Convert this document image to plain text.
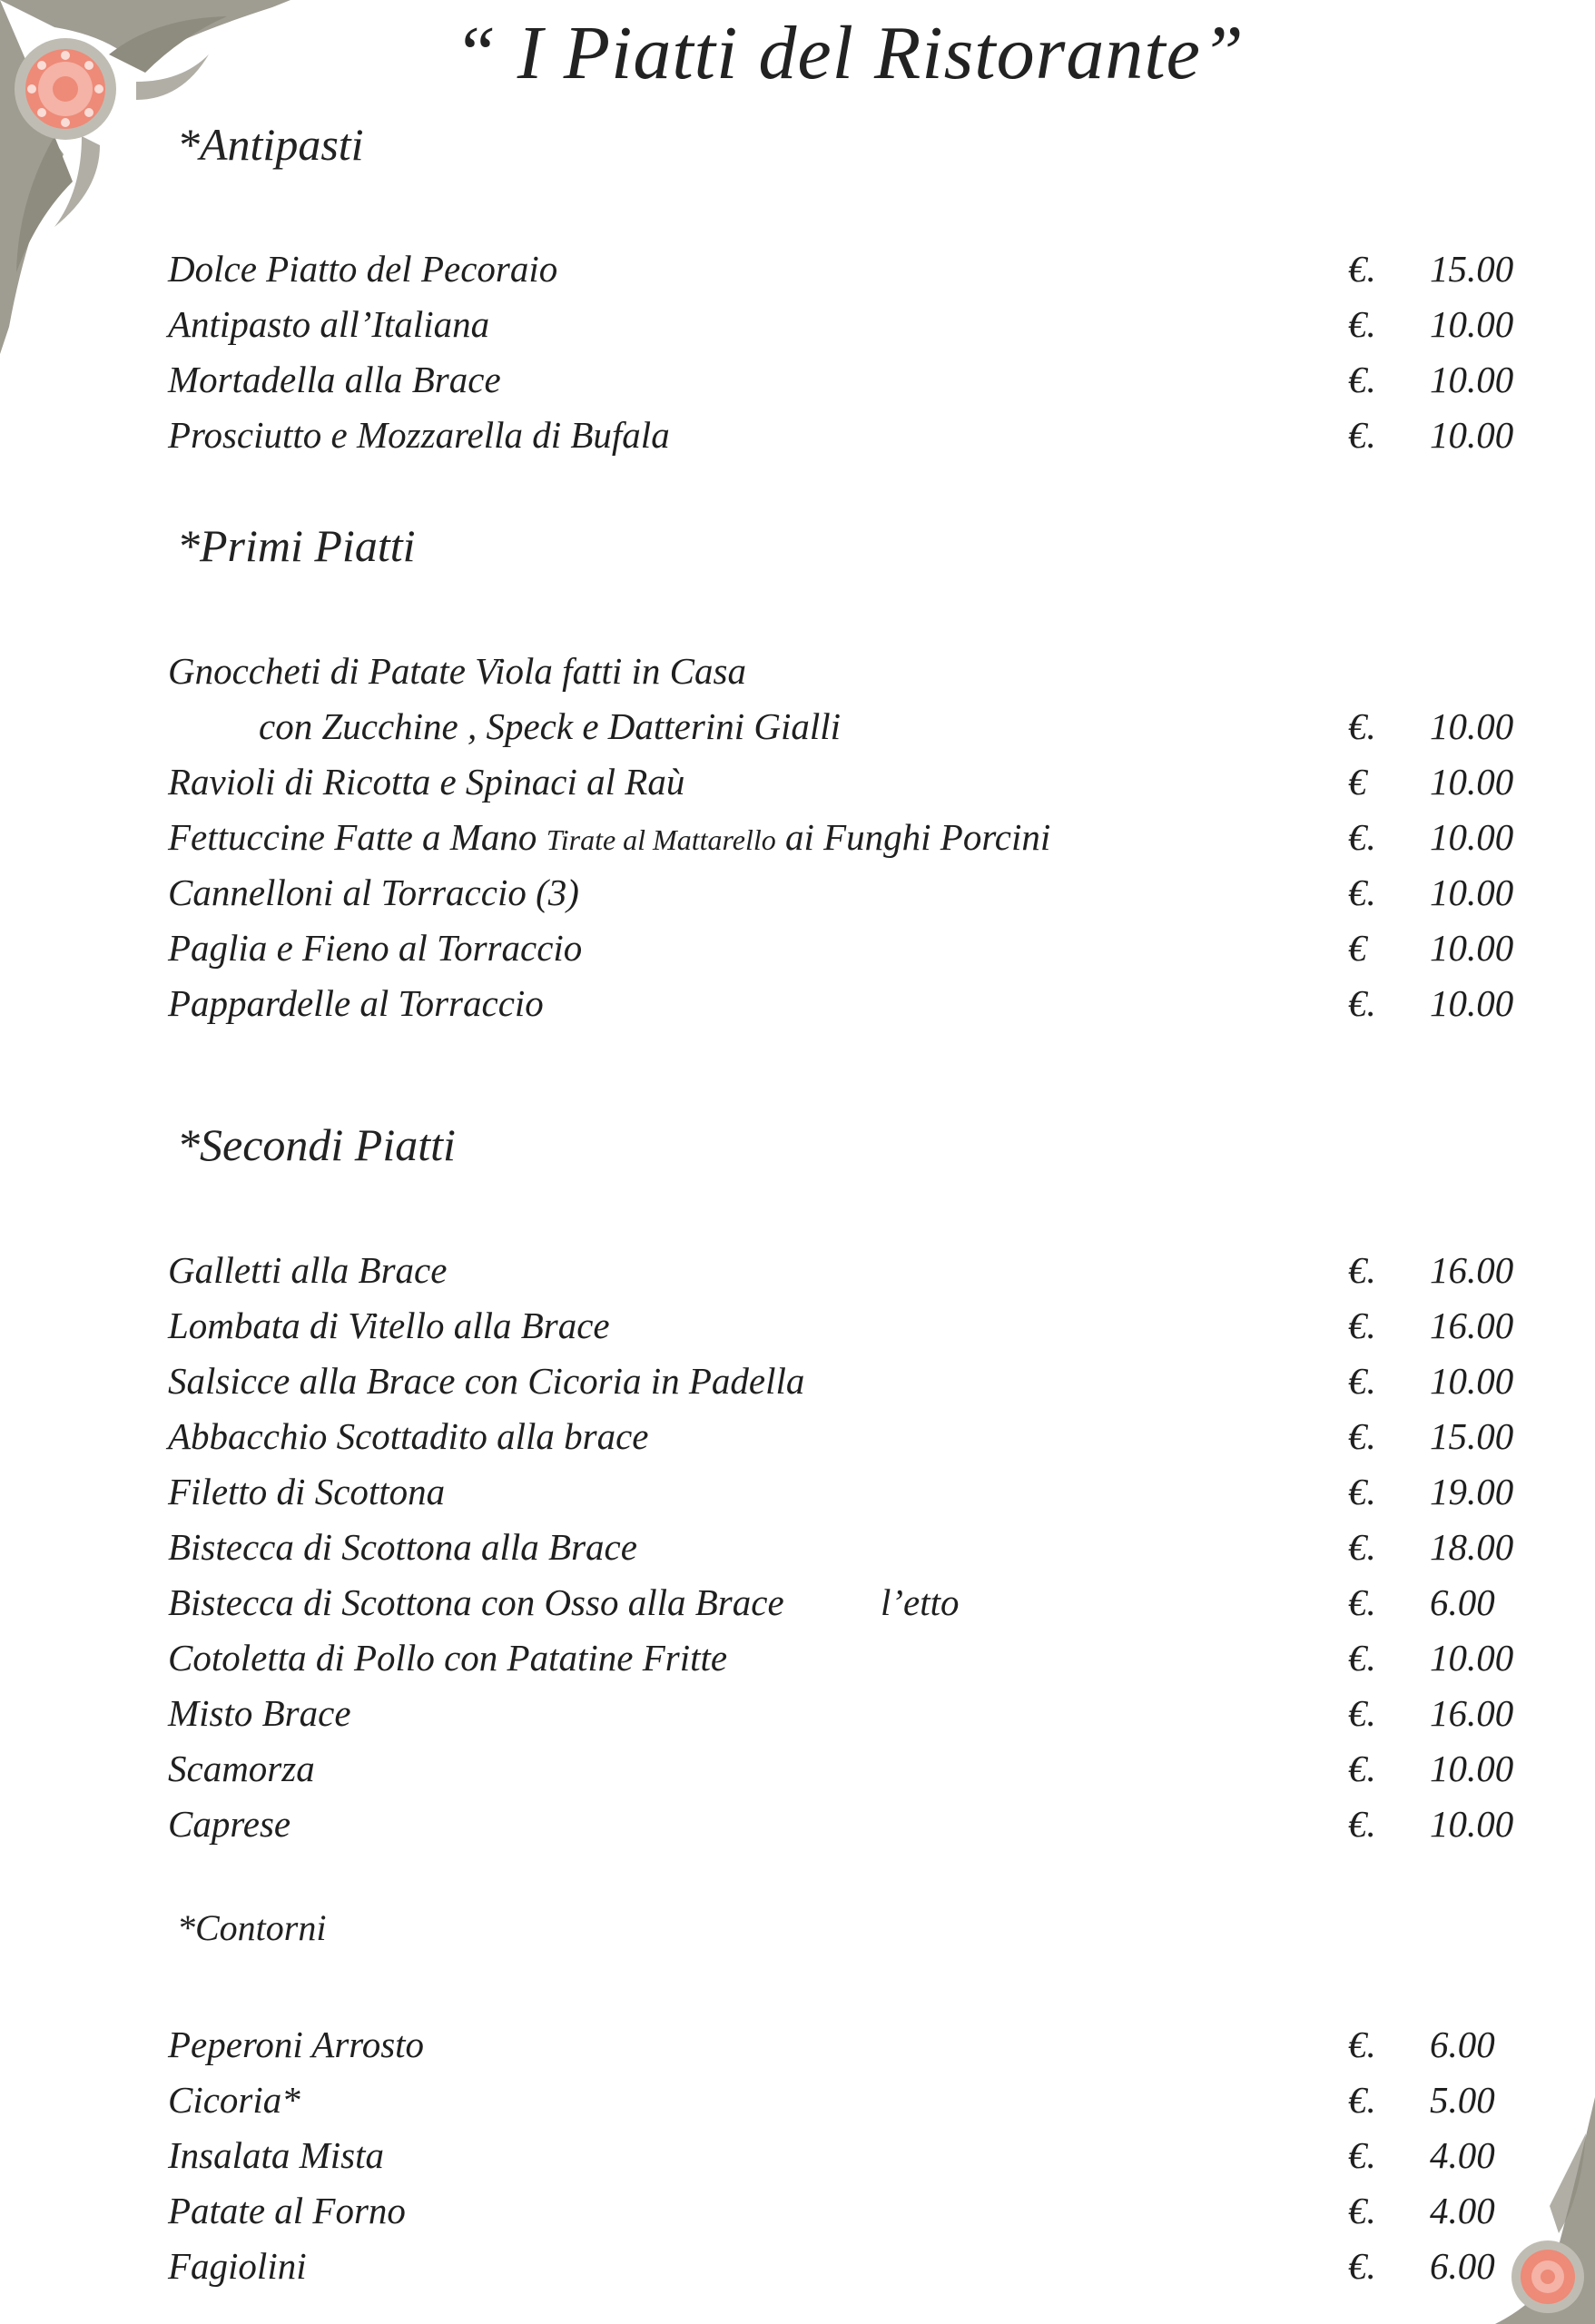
“ I Piatti del Ristorante”
*Antipasti
Dolce Piatto del Pecoraio	€. 15.00
Antipasto all’Italiana	€. 10.00
Mortadella alla Brace	€. 10.00
Prosciutto e Mozzarella di Bufala	€. 10.00
*Primi Piatti
Gnoccheti di Patate Viola fatti in Casa
con Zucchine , Speck e Datterini Gialli	€. 10.00
Ravioli di Ricotta e Spinaci al Raù	€ 10.00
Fettuccine Fatte a Mano Tirate al Mattarello ai Funghi Porcini	€. 10.00
Cannelloni al Torraccio (3)	€. 10.00
Paglia e Fieno al Torraccio	€ 10.00
Pappardelle al Torraccio	€. 10.00
*Secondi Piatti
Galletti alla Brace	€. 16.00
Lombata di Vitello alla Brace	€. 16.00
Salsicce alla Brace con Cicoria in Padella	€. 10.00
Abbacchio Scottadito alla brace	€. 15.00
Filetto di Scottona	€. 19.00
Bistecca di Scottona alla Brace	€. 18.00
Bistecca di Scottona con Osso alla Brace	l’etto	€. 6.00
Cotoletta di Pollo con Patatine Fritte	€. 10.00
Misto Brace	€. 16.00
Scamorza	€. 10.00
Caprese	€. 10.00
*Contorni
Peperoni Arrosto	€. 6.00
Cicoria*	€. 5.00
Insalata Mista	€. 4.00
Patate al Forno	€. 4.00
Fagiolini	€. 6.00
